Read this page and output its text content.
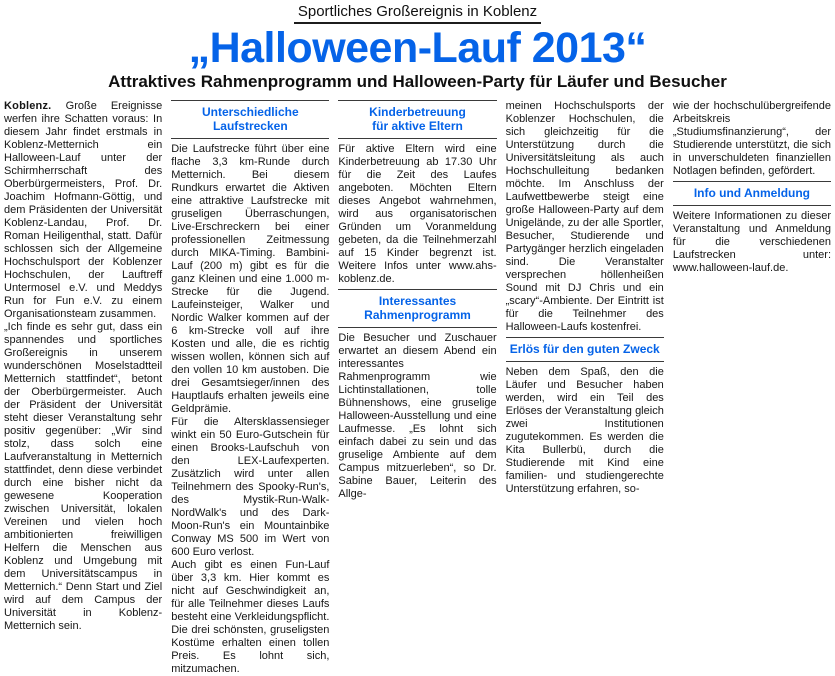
Sportliches Großereignis in Koblenz
„Halloween-Lauf 2013“
Attraktives Rahmenprogramm und Halloween-Party für Läufer und Besucher

Koblenz. Große Ereignisse werfen ihre Schatten voraus: In diesem Jahr findet erstmals in Koblenz-Metternich ein Halloween-Lauf unter der Schirmherrschaft des Oberbürgermeisters, Prof. Dr. Joachim Hofmann-Göttig, und dem Präsidenten der Universität Koblenz-Landau, Prof. Dr. Roman Heiligenthal, statt. Dafür schlossen sich der Allgemeine Hochschulsport der Koblenzer Hochschulen, der Lauftreff Untermosel e.V. und Meddys Run for Fun e.V. zu einem Organisationsteam zusammen.

„Ich finde es sehr gut, dass ein spannendes und sportliches Großereignis in unserem wunderschönen Moselstadtteil Metternich stattfindet“, betont der Oberbürgermeister. Auch der Präsident der Universität steht dieser Veranstaltung sehr positiv gegenüber: „Wir sind stolz, dass solch eine Laufveranstaltung in Metternich stattfindet, denn diese verbindet durch eine bisher nicht da gewesene Kooperation zwischen Universität, lokalen Vereinen und vielen hoch ambitionierten freiwilligen Helfern die Menschen aus Koblenz und Umgebung mit dem Universitätscampus in Metternich.“ Denn Start und Ziel wird auf dem Campus der Universität in Koblenz-Metternich sein.

Unterschiedliche Laufstrecken

Die Laufstrecke führt über eine flache 3,3 km-Runde durch Metternich. Bei diesem Rundkurs erwartet die Aktiven eine attraktive Laufstrecke mit gruseligen Überraschungen, Live-Erschreckern bei einer professionellen Zeitmessung durch MIKA-Timing. Bambini-Lauf (200 m) gibt es für die ganz Kleinen und eine 1.000 m-Strecke für die Jugend. Laufeinsteiger, Walker und Nordic Walker kommen auf der 6 km-Strecke voll auf ihre Kosten und alle, die es richtig wissen wollen, können sich auf den vollen 10 km austoben. Die drei Gesamtsieger/innen des Hauptlaufs erhalten jeweils eine Geldprämie.

Für die Altersklassensieger winkt ein 50 Euro-Gutschein für einen Brooks-Laufschuh von den LEX-Laufexperten. Zusätzlich wird unter allen Teilnehmern des Spooky-Run's, des Mystik-Run-Walk-NordWalk's und des Dark-Moon-Run's ein Mountainbike Conway MS 500 im Wert von 600 Euro verlost.

Auch gibt es einen Fun-Lauf über 3,3 km. Hier kommt es nicht auf Geschwindigkeit an, für alle Teilnehmer dieses Laufs besteht eine Verkleidungspflicht. Die drei schönsten, gruseligsten Kostüme erhalten einen tollen Preis. Es lohnt sich, mitzumachen.

Kinderbetreuung
für aktive Eltern

Für aktive Eltern wird eine Kinderbetreuung ab 17.30 Uhr für die Zeit des Laufes angeboten. Möchten Eltern dieses Angebot wahrnehmen, wird aus organisatorischen Gründen um Voranmeldung gebeten, da die Teilnehmerzahl auf 15 Kinder begrenzt ist. Weitere Infos unter www.ahs-koblenz.de.

Interessantes
Rahmenprogramm

Die Besucher und Zuschauer erwartet an diesem Abend ein interessantes Rahmenprogramm wie Lichtinstallationen, tolle Bühnenshows, eine gruselige Halloween-Ausstellung und eine Laufmesse. „Es lohnt sich einfach dabei zu sein und das gruselige Ambiente auf dem Campus mitzuerleben“, so Dr. Sabine Bauer, Leiterin des Allge-

meinen Hochschulsports der Koblenzer Hochschulen, die sich gleichzeitig für die Unterstützung durch die Universitätsleitung als auch Hochschulleitung bedanken möchte. Im Anschluss der Laufwettbewerbe steigt eine große Halloween-Party auf dem Unigelände, zu der alle Sportler, Besucher, Studierende und Partygänger herzlich eingeladen sind. Die Veranstalter versprechen höllenheißen Sound mit DJ Chris und ein „scary“-Ambiente. Der Eintritt ist für die Teilnehmer des Halloween-Laufs kostenfrei.

Erlös für den guten Zweck

Neben dem Spaß, den die Läufer und Besucher haben werden, wird ein Teil des Erlöses der Veranstaltung gleich zwei Institutionen zugutekommen. Es werden die Kita Bullerbü, durch die Studierende mit Kind eine familien- und studiengerechte Unterstützung erfahren, so-

wie der hochschulübergreifende Arbeitskreis „Studiumsfinanzierung“, der Studierende unterstützt, die sich in unverschuldeten finanziellen Notlagen befinden, gefördert.

Info und Anmeldung

Weitere Informationen zu dieser Veranstaltung und Anmeldung für die verschiedenen Laufstrecken unter: www.halloween-lauf.de.
